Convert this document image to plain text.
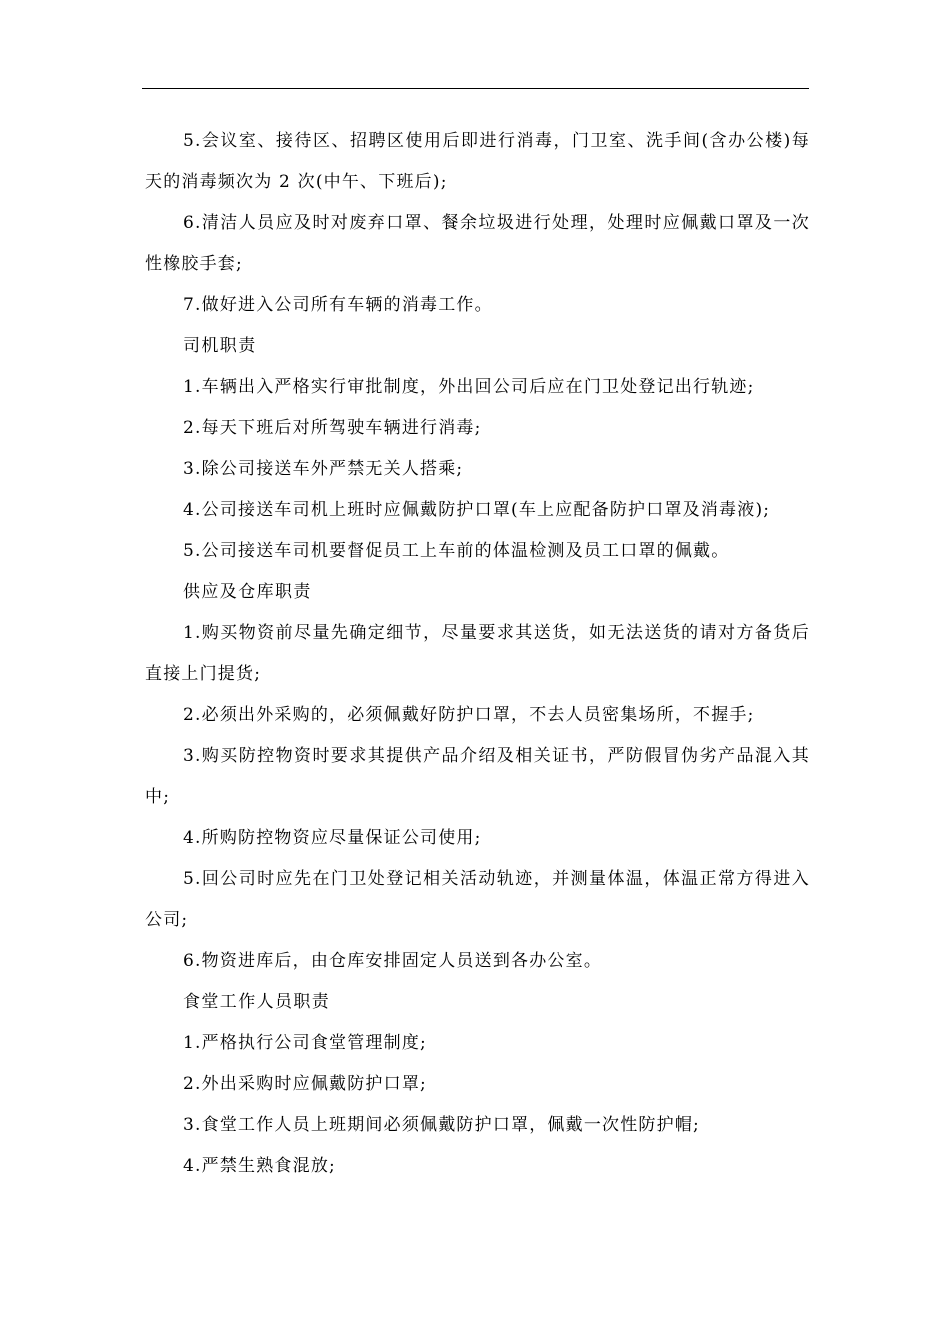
5.会议室、接待区、招聘区使用后即进行消毒，门卫室、洗手间(含办公楼)每天的消毒频次为 2 次(中午、下班后);

6.清洁人员应及时对废弃口罩、餐余垃圾进行处理，处理时应佩戴口罩及一次性橡胶手套;

7.做好进入公司所有车辆的消毒工作。

司机职责

1.车辆出入严格实行审批制度，外出回公司后应在门卫处登记出行轨迹;

2.每天下班后对所驾驶车辆进行消毒;

3.除公司接送车外严禁无关人搭乘;

4.公司接送车司机上班时应佩戴防护口罩(车上应配备防护口罩及消毒液);

5.公司接送车司机要督促员工上车前的体温检测及员工口罩的佩戴。

供应及仓库职责

1.购买物资前尽量先确定细节，尽量要求其送货，如无法送货的请对方备货后直接上门提货;

2.必须出外采购的，必须佩戴好防护口罩，不去人员密集场所，不握手;

3.购买防控物资时要求其提供产品介绍及相关证书，严防假冒伪劣产品混入其中;

4.所购防控物资应尽量保证公司使用;

5.回公司时应先在门卫处登记相关活动轨迹，并测量体温，体温正常方得进入公司;

6.物资进库后，由仓库安排固定人员送到各办公室。

食堂工作人员职责

1.严格执行公司食堂管理制度;

2.外出采购时应佩戴防护口罩;

3.食堂工作人员上班期间必须佩戴防护口罩，佩戴一次性防护帽;

4.严禁生熟食混放;
